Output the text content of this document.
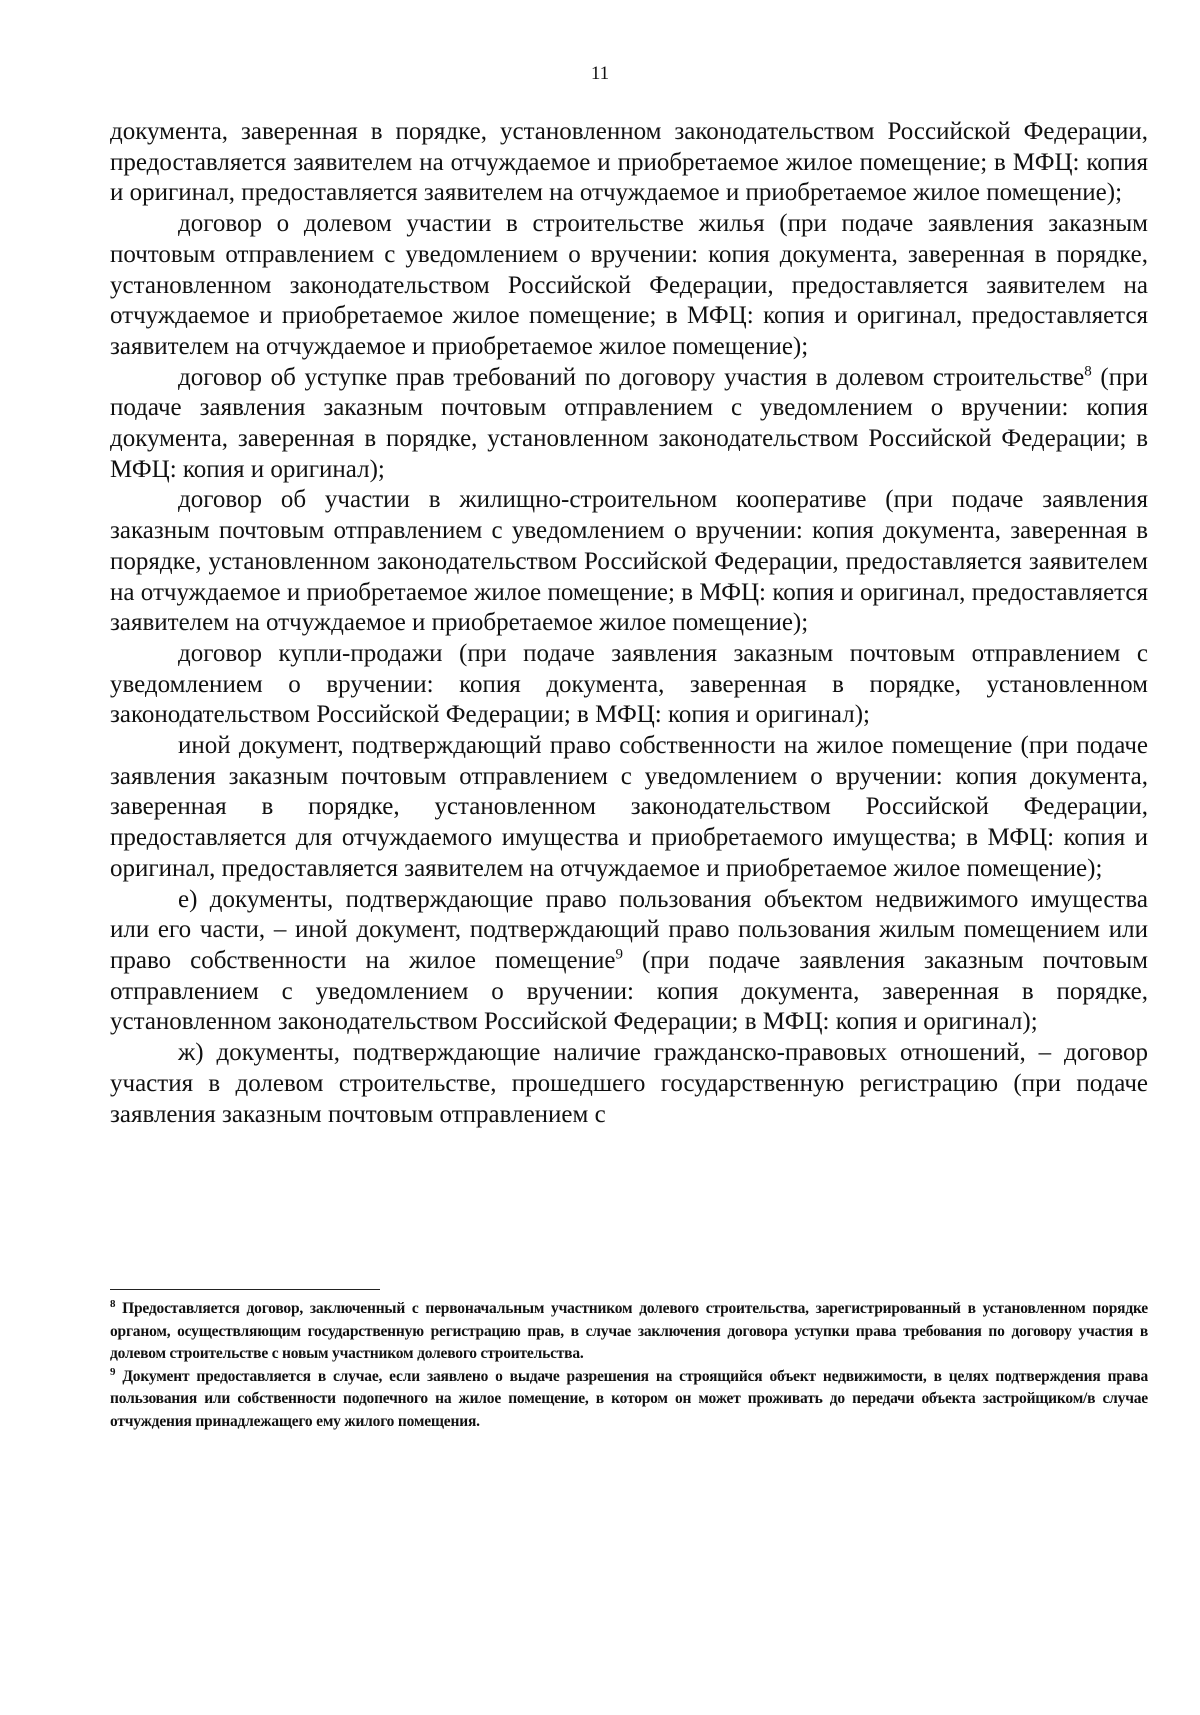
11

документа, заверенная в порядке, установленном законодательством Российской Федерации, предоставляется заявителем на отчуждаемое и приобретаемое жилое помещение; в МФЦ: копия и оригинал, предоставляется заявителем на отчуждаемое и приобретаемое жилое помещение);

договор о долевом участии в строительстве жилья (при подаче заявления заказным почтовым отправлением с уведомлением о вручении: копия документа, заверенная в порядке, установленном законодательством Российской Федерации, предоставляется заявителем на отчуждаемое и приобретаемое жилое помещение; в МФЦ: копия и оригинал, предоставляется заявителем на отчуждаемое и приобретаемое жилое помещение);

договор об уступке прав требований по договору участия в долевом строительстве$^8$ (при подаче заявления заказным почтовым отправлением с уведомлением о вручении: копия документа, заверенная в порядке, установленном законодательством Российской Федерации; в МФЦ: копия и оригинал);

договор об участии в жилищно-строительном кооперативе (при подаче заявления заказным почтовым отправлением с уведомлением о вручении: копия документа, заверенная в порядке, установленном законодательством Российской Федерации, предоставляется заявителем на отчуждаемое и приобретаемое жилое помещение; в МФЦ: копия и оригинал, предоставляется заявителем на отчуждаемое и приобретаемое жилое помещение);

договор купли-продажи (при подаче заявления заказным почтовым отправлением с уведомлением о вручении: копия документа, заверенная в порядке, установленном законодательством Российской Федерации; в МФЦ: копия и оригинал);

иной документ, подтверждающий право собственности на жилое помещение (при подаче заявления заказным почтовым отправлением с уведомлением о вручении: копия документа, заверенная в порядке, установленном законодательством Российской Федерации, предоставляется для отчуждаемого имущества и приобретаемого имущества; в МФЦ: копия и оригинал, предоставляется заявителем на отчуждаемое и приобретаемое жилое помещение);

е) документы, подтверждающие право пользования объектом недвижимого имущества или его части, – иной документ, подтверждающий право пользования жилым помещением или право собственности на жилое помещение$^9$ (при подаче заявления заказным почтовым отправлением с уведомлением о вручении: копия документа, заверенная в порядке, установленном законодательством Российской Федерации; в МФЦ: копия и оригинал);

ж) документы, подтверждающие наличие гражданско-правовых отношений, – договор участия в долевом строительстве, прошедшего государственную регистрацию (при подаче заявления заказным почтовым отправлением с

$^8$ Предоставляется договор, заключенный с первоначальным участником долевого строительства, зарегистрированный в установленном порядке органом, осуществляющим государственную регистрацию прав, в случае заключения договора уступки права требования по договору участия в долевом строительстве с новым участником долевого строительства.

$^9$ Документ предоставляется в случае, если заявлено о выдаче разрешения на строящийся объект недвижимости, в целях подтверждения права пользования или собственности подопечного на жилое помещение, в котором он может проживать до передачи объекта застройщиком/в случае отчуждения принадлежащего ему жилого помещения.
